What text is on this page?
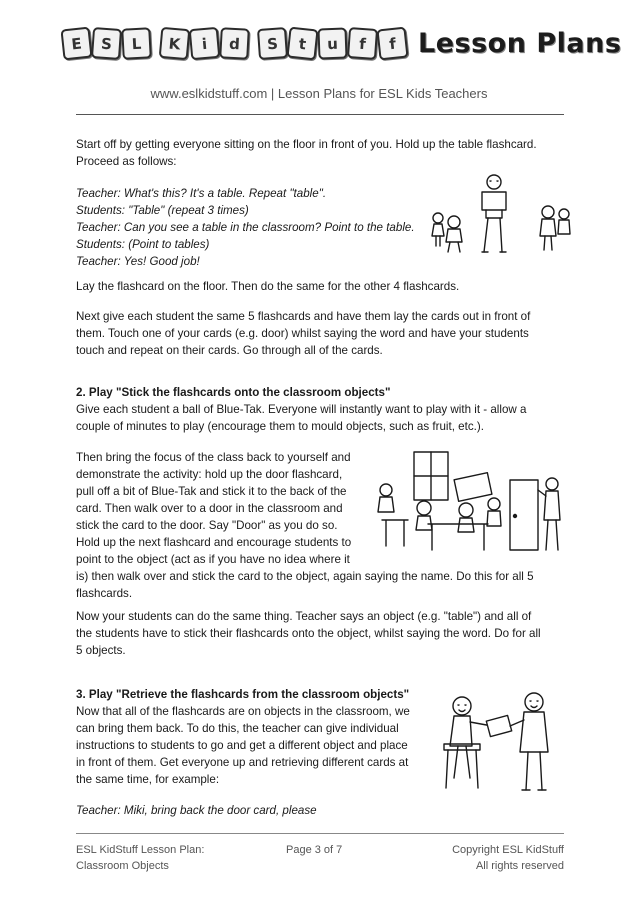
E	S	L	K	i	d	S	t	u	f	f Lesson Plans
www.eslkidstuff.com | Lesson Plans for ESL Kids Teachers
Start off by getting everyone sitting on the floor in front of you. Hold up the table flashcard.
Proceed as follows:
Teacher: What's this? It's a table. Repeat "table".
Students: "Table" (repeat 3 times)
Teacher: Can you see a table in the classroom? Point to the table.
Students: (Point to tables)
Teacher: Yes! Good job!
Lay the flashcard on the floor. Then do the same for the other 4 flashcards.
Next give each student the same 5 flashcards and have them lay the cards out in front of
them. Touch one of your cards (e.g. door) whilst saying the word and have your students
touch and repeat on their cards. Go through all of the cards.
2. Play "Stick the flashcards onto the classroom objects"
Give each student a ball of Blue-Tak. Everyone will instantly want to play with it - allow a
couple of minutes to play (encourage them to mould objects, such as fruit, etc.).
Then bring the focus of the class back to yourself and
demonstrate the activity: hold up the door flashcard,
pull off a bit of Blue-Tak and stick it to the back of the
card. Then walk over to a door in the classroom and
stick the card to the door. Say "Door" as you do so.
Hold up the next flashcard and encourage students to
point to the object (act as if you have no idea where it
is) then walk over and stick the card to the object, again saying the name. Do this for all 5
flashcards.
Now your students can do the same thing. Teacher says an object (e.g. "table") and all of
the students have to stick their flashcards onto the object, whilst saying the word. Do for all
5 objects.
3. Play "Retrieve the flashcards from the classroom objects"
Now that all of the flashcards are on objects in the classroom, we
can bring them back. To do this, the teacher can give individual
instructions to students to go and get a different object and place
in front of them. Get everyone up and retrieving different cards at
the same time, for example:
Teacher: Miki, bring back the door card, please
ESL KidStuff Lesson Plan:
Classroom Objects
Page 3 of 7	Copyright ESL KidStuff
All rights reserved
